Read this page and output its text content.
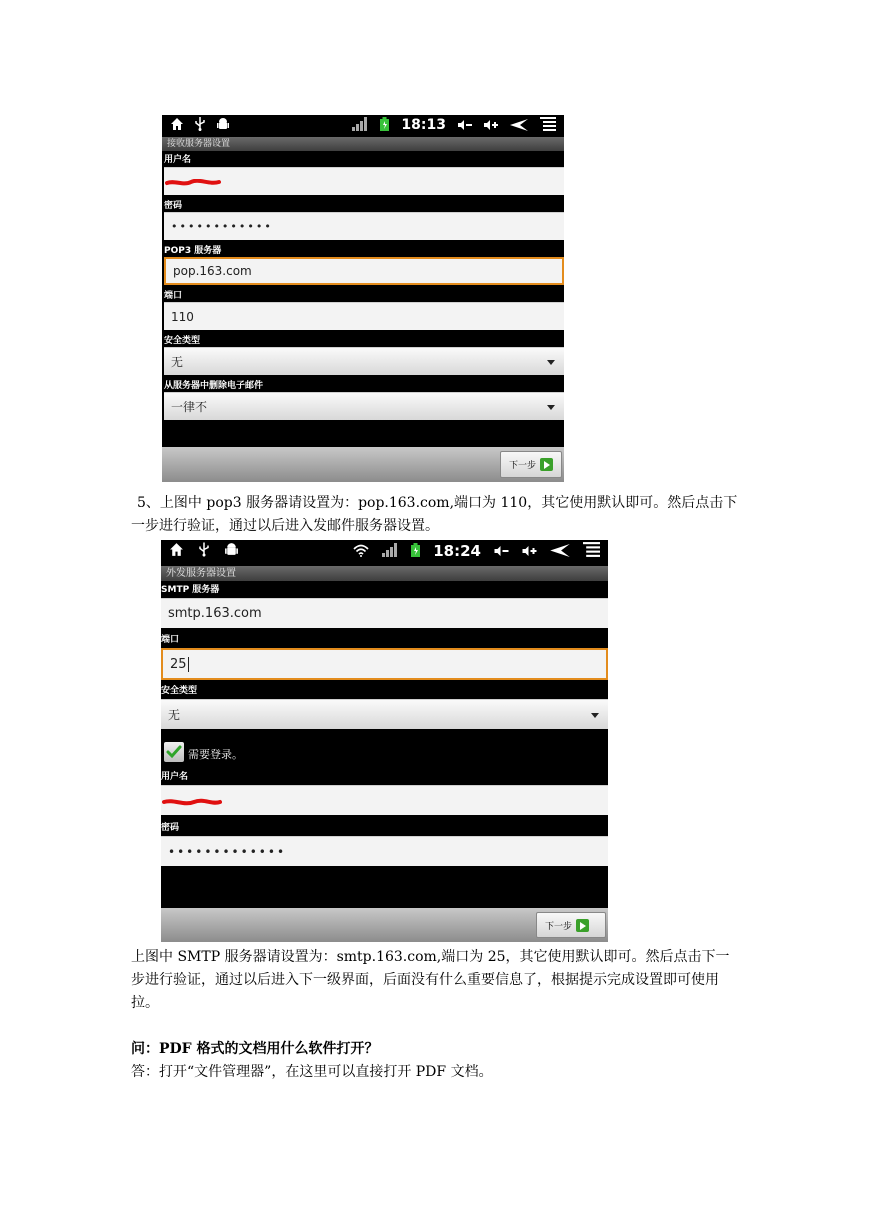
18:13
接收服务器设置
用户名
密码
••••••••••••
POP3 服务器
pop.163.com
端口
110
安全类型
无
从服务器中删除电子邮件
一律不
下一步
5、上图中 pop3 服务器请设置为：pop.163.com,端口为 110，其它使用默认即可。然后点击下一步进行验证，通过以后进入发邮件服务器设置。
18:24
外发服务器设置
SMTP 服务器
smtp.163.com
端口
25
安全类型
无
需要登录。
用户名
密码
•••••••••••••
下一步
上图中 SMTP 服务器请设置为：smtp.163.com,端口为 25，其它使用默认即可。然后点击下一步进行验证，通过以后进入下一级界面，后面没有什么重要信息了，根据提示完成设置即可使用拉。
问：PDF 格式的文档用什么软件打开？
答：打开“文件管理器”，在这里可以直接打开 PDF 文档。
